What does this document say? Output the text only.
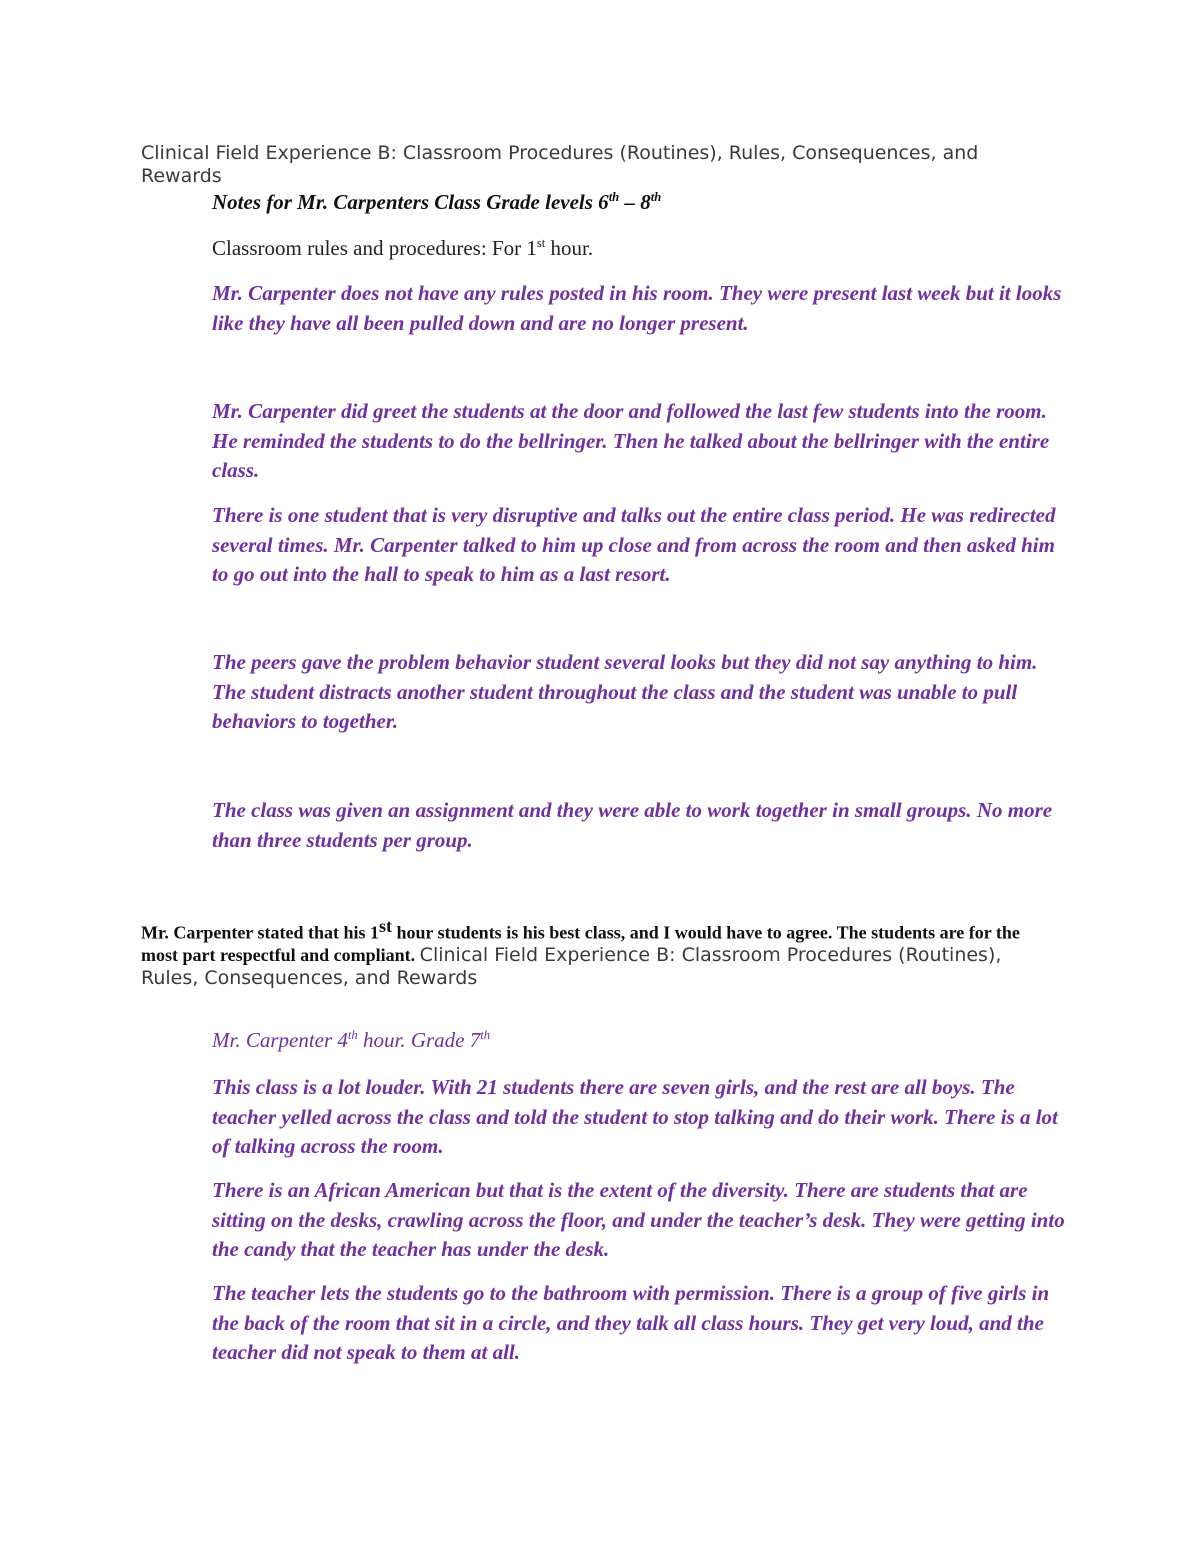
Clinical Field Experience B: Classroom Procedures (Routines), Rules, Consequences, and Rewards
Notes for Mr. Carpenters Class Grade levels 6th – 8th
Classroom rules and procedures: For 1st hour.

Mr. Carpenter does not have any rules posted in his room. They were present last week but it looks like they have all been pulled down and are no longer present.

Mr. Carpenter did greet the students at the door and followed the last few students into the room. He reminded the students to do the bellringer. Then he talked about the bellringer with the entire class.

There is one student that is very disruptive and talks out the entire class period. He was redirected several times. Mr. Carpenter talked to him up close and from across the room and then asked him to go out into the hall to speak to him as a last resort.

The peers gave the problem behavior student several looks but they did not say anything to him. The student distracts another student throughout the class and the student was unable to pull behaviors to together.

The class was given an assignment and they were able to work together in small groups. No more than three students per group.

Mr. Carpenter stated that his 1st hour students is his best class, and I would have to agree. The students are for the most part respectful and compliant. Clinical Field Experience B: Classroom Procedures (Routines), Rules, Consequences, and Rewards
Mr. Carpenter 4th hour. Grade 7th

This class is a lot louder. With 21 students there are seven girls, and the rest are all boys. The teacher yelled across the class and told the student to stop talking and do their work. There is a lot of talking across the room.

There is an African American but that is the extent of the diversity. There are students that are sitting on the desks, crawling across the floor, and under the teacher’s desk. They were getting into the candy that the teacher has under the desk.

The teacher lets the students go to the bathroom with permission. There is a group of five girls in the back of the room that sit in a circle, and they talk all class hours. They get very loud, and the teacher did not speak to them at all.
